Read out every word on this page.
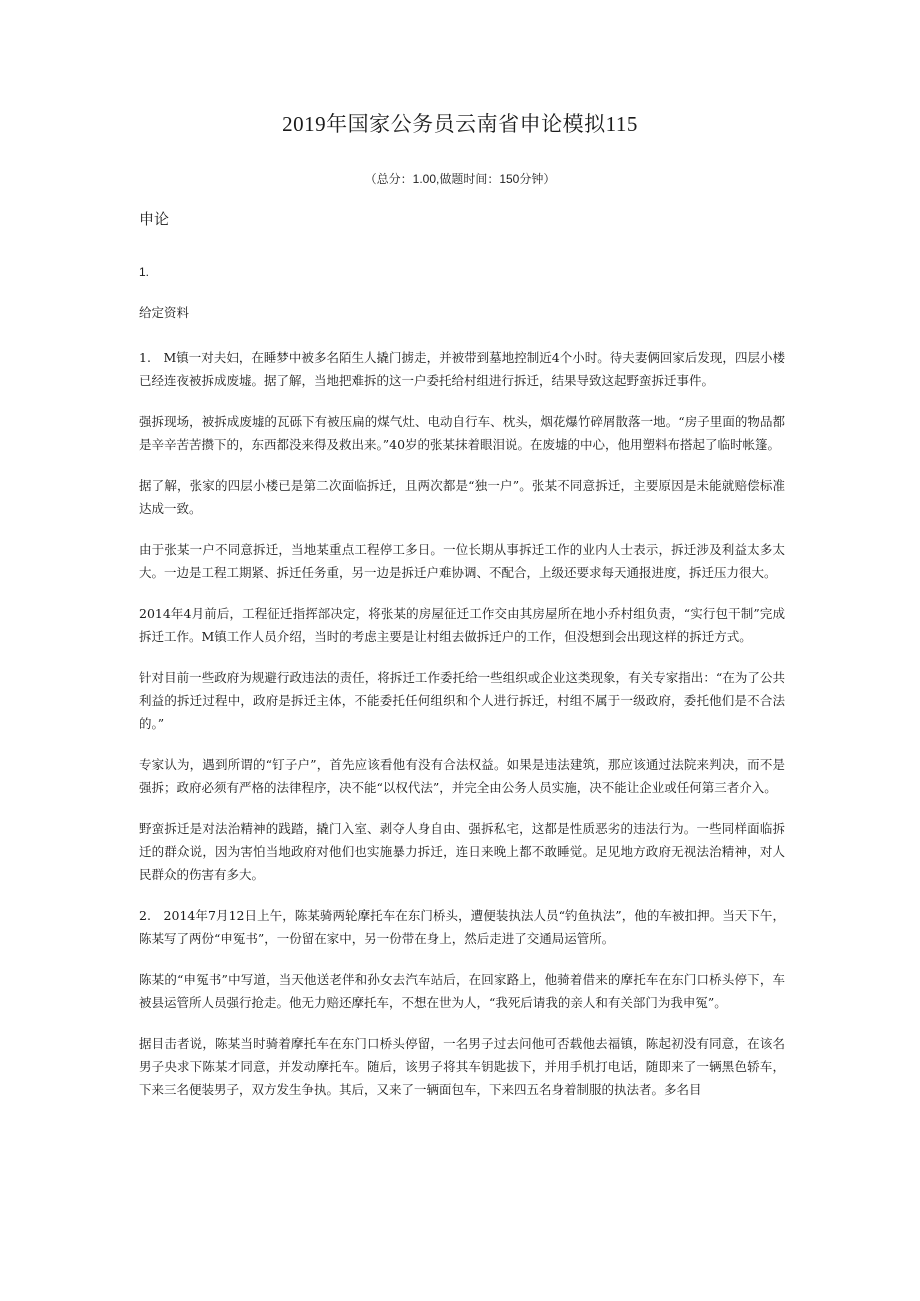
2019年国家公务员云南省申论模拟115
（总分：1.00,做题时间：150分钟）
申论
1.
给定资料

1.　M镇一对夫妇，在睡梦中被多名陌生人撬门掳走，并被带到墓地控制近4个小时。待夫妻俩回家后发现，四层小楼已经连夜被拆成废墟。据了解，当地把难拆的这一户委托给村组进行拆迁，结果导致这起野蛮拆迁事件。

强拆现场，被拆成废墟的瓦砾下有被压扁的煤气灶、电动自行车、枕头，烟花爆竹碎屑散落一地。“房子里面的物品都是辛辛苦苦攒下的，东西都没来得及救出来。”40岁的张某抹着眼泪说。在废墟的中心，他用塑料布搭起了临时帐篷。

据了解，张家的四层小楼已是第二次面临拆迁，且两次都是“独一户”。张某不同意拆迁，主要原因是未能就赔偿标准达成一致。

由于张某一户不同意拆迁，当地某重点工程停工多日。一位长期从事拆迁工作的业内人士表示，拆迁涉及利益太多太大。一边是工程工期紧、拆迁任务重，另一边是拆迁户难协调、不配合，上级还要求每天通报进度，拆迁压力很大。

2014年4月前后，工程征迁指挥部决定，将张某的房屋征迁工作交由其房屋所在地小乔村组负责，“实行包干制”完成拆迁工作。M镇工作人员介绍，当时的考虑主要是让村组去做拆迁户的工作，但没想到会出现这样的拆迁方式。

针对目前一些政府为规避行政违法的责任，将拆迁工作委托给一些组织或企业这类现象，有关专家指出：“在为了公共利益的拆迁过程中，政府是拆迁主体，不能委托任何组织和个人进行拆迁，村组不属于一级政府，委托他们是不合法的。”

专家认为，遇到所谓的“钉子户”，首先应该看他有没有合法权益。如果是违法建筑，那应该通过法院来判决，而不是强拆；政府必须有严格的法律程序，决不能“以权代法”，并完全由公务人员实施，决不能让企业或任何第三者介入。

野蛮拆迁是对法治精神的践踏，撬门入室、剥夺人身自由、强拆私宅，这都是性质恶劣的违法行为。一些同样面临拆迁的群众说，因为害怕当地政府对他们也实施暴力拆迁，连日来晚上都不敢睡觉。足见地方政府无视法治精神，对人民群众的伤害有多大。

2.　2014年7月12日上午，陈某骑两轮摩托车在东门桥头，遭便装执法人员“钓鱼执法”，他的车被扣押。当天下午，陈某写了两份“申冤书”，一份留在家中，另一份带在身上，然后走进了交通局运管所。

陈某的“申冤书”中写道，当天他送老伴和孙女去汽车站后，在回家路上，他骑着借来的摩托车在东门口桥头停下，车被县运管所人员强行抢走。他无力赔还摩托车，不想在世为人，“我死后请我的亲人和有关部门为我申冤”。

据目击者说，陈某当时骑着摩托车在东门口桥头停留，一名男子过去问他可否载他去福镇，陈起初没有同意，在该名男子央求下陈某才同意，并发动摩托车。随后，该男子将其车钥匙拔下，并用手机打电话，随即来了一辆黑色轿车，下来三名便装男子，双方发生争执。其后，又来了一辆面包车，下来四五名身着制服的执法者。多名目
